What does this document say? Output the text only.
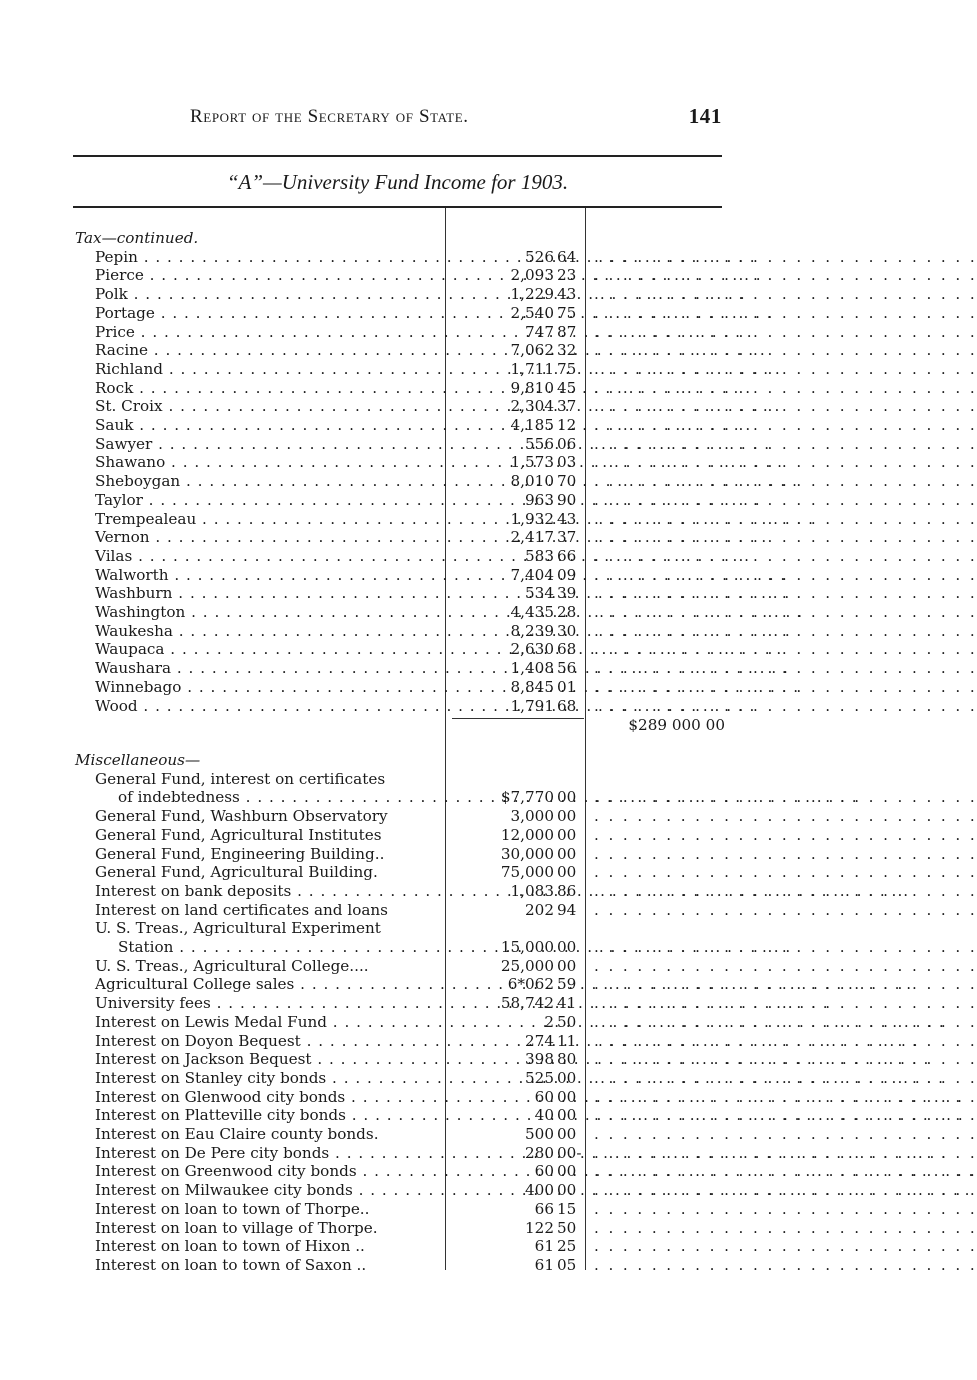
Report of the Secretary of State.	141
“A”—University Fund Income for 1903.
Tax—continued.
Pepin . . .	526 64	. . . . . . . . . . . . . . . . . . . . . . . . . . .
Pierce . . .	2,093 23	. . . . . . . . . . . . . . . . . . . . . . . . . . .
Polk . . .	1,229 43	. . . . . . . . . . . . . . . . . . . . . . . . . . .
Portage . . .	2,540 75	. . . . . . . . . . . . . . . . . . . . . . . . . . .
Price . . .	747 87	. . . . . . . . . . . . . . . . . . . . . . . . . . .
Racine . . .	7,062 32	. . . . . . . . . . . . . . . . . . . . . . . . . . .
Richland . . .	1,711 75	. . . . . . . . . . . . . . . . . . . . . . . . . . .
Rock . . .	9,810 45	. . . . . . . . . . . . . . . . . . . . . . . . . . .
St. Croix . . .	2,304 37	. . . . . . . . . . . . . . . . . . . . . . . . . . .
Sauk . . .	4,185 12	. . . . . . . . . . . . . . . . . . . . . . . . . . .
Sawyer . . .	556 06	. . . . . . . . . . . . . . . . . . . . . . . . . . .
Shawano . . .	1,573 03	. . . . . . . . . . . . . . . . . . . . . . . . . . .
Sheboygan . . .	8,010 70	. . . . . . . . . . . . . . . . . . . . . . . . . . .
Taylor . . .	963 90	. . . . . . . . . . . . . . . . . . . . . . . . . . .
Trempealeau . . .	1,932 43	. . . . . . . . . . . . . . . . . . . . . . . . . . .
Vernon . . .	2,417 37	. . . . . . . . . . . . . . . . . . . . . . . . . . .
Vilas . . .	583 66	. . . . . . . . . . . . . . . . . . . . . . . . . . .
Walworth . . .	7,404 09	. . . . . . . . . . . . . . . . . . . . . . . . . . .
Washburn . . .	534 39	. . . . . . . . . . . . . . . . . . . . . . . . . . .
Washington . . .	4,435 28	. . . . . . . . . . . . . . . . . . . . . . . . . . .
Waukesha . . .	8,239 30	. . . . . . . . . . . . . . . . . . . . . . . . . . .
Waupaca . . .	2,630 68	. . . . . . . . . . . . . . . . . . . . . . . . . . .
Waushara . . .	1,408 56	. . . . . . . . . . . . . . . . . . . . . . . . . . .
Winnebago . . .	8,845 01	. . . . . . . . . . . . . . . . . . . . . . . . . . .
Wood . . .	1,791 68	. . . . . . . . . . . . . . . . . . . . . . . . . . .
$289 000 00
Miscellaneous—
General Fund, interest on certificates
of indebtedness . . .	$7,770 00	. . . . . . . . . . . . . . . . . . . . . . . . . . .
General Fund, Washburn Observatory	3,000 00	. . . . . . . . . . . . . . . . . . . . . . . . . . .
General Fund, Agricultural Institutes	12,000 00	. . . . . . . . . . . . . . . . . . . . . . . . . . .
General Fund, Engineering Building..	30,000 00	. . . . . . . . . . . . . . . . . . . . . . . . . . .
General Fund, Agricultural Building.	75,000 00	. . . . . . . . . . . . . . . . . . . . . . . . . . .
Interest on bank deposits . . .	1,083 86	. . . . . . . . . . . . . . . . . . . . . . . . . . .
Interest on land certificates and loans	202 94	. . . . . . . . . . . . . . . . . . . . . . . . . . .
U. S. Treas., Agricultural Experiment
Station . . .	15,000 00	. . . . . . . . . . . . . . . . . . . . . . . . . . .
U. S. Treas., Agricultural College....	25,000 00	. . . . . . . . . . . . . . . . . . . . . . . . . . .
Agricultural College sales . . .	6*062 59	. . . . . . . . . . . . . . . . . . . . . . . . . . .
University fees . . .	58,742 41	. . . . . . . . . . . . . . . . . . . . . . . . . . .
Interest on Lewis Medal Fund . . .	2 50	. . . . . . . . . . . . . . . . . . . . . . . . . . .
Interest on Doyon Bequest . . .	274 11	. . . . . . . . . . . . . . . . . . . . . . . . . . .
Interest on Jackson Bequest . . .	398 80	. . . . . . . . . . . . . . . . . . . . . . . . . . .
Interest on Stanley city bonds . . .	525 00	. . . . . . . . . . . . . . . . . . . . . . . . . . .
Interest on Glenwood city bonds . . .	60 00	. . . . . . . . . . . . . . . . . . . . . . . . . . .
Interest on Platteville city bonds . . .	40 00	. . . . . . . . . . . . . . . . . . . . . . . . . . .
Interest on Eau Claire county bonds.	500 00	. . . . . . . . . . . . . . . . . . . . . . . . . . .
Interest on De Pere city bonds . . .	280 00- . . . . . . . . . . . . . . . . . . . . . . . . . . .
Interest on Greenwood city bonds . . .	60 00	. . . . . . . . . . . . . . . . . . . . . . . . . . .
Interest on Milwaukee city bonds . . .	400 00	. . . . . . . . . . . . . . . . . . . . . . . . . . .
Interest on loan to town of Thorpe..	66 15	. . . . . . . . . . . . . . . . . . . . . . . . . . .
Interest on loan to village of Thorpe.	122 50	. . . . . . . . . . . . . . . . . . . . . . . . . . .
Interest on loan to town of Hixon ..	61 25	. . . . . . . . . . . . . . . . . . . . . . . . . . .
Interest on loan to town of Saxon ..	61 05	. . . . . . . . . . . . . . . . . . . . . . . . . . .
